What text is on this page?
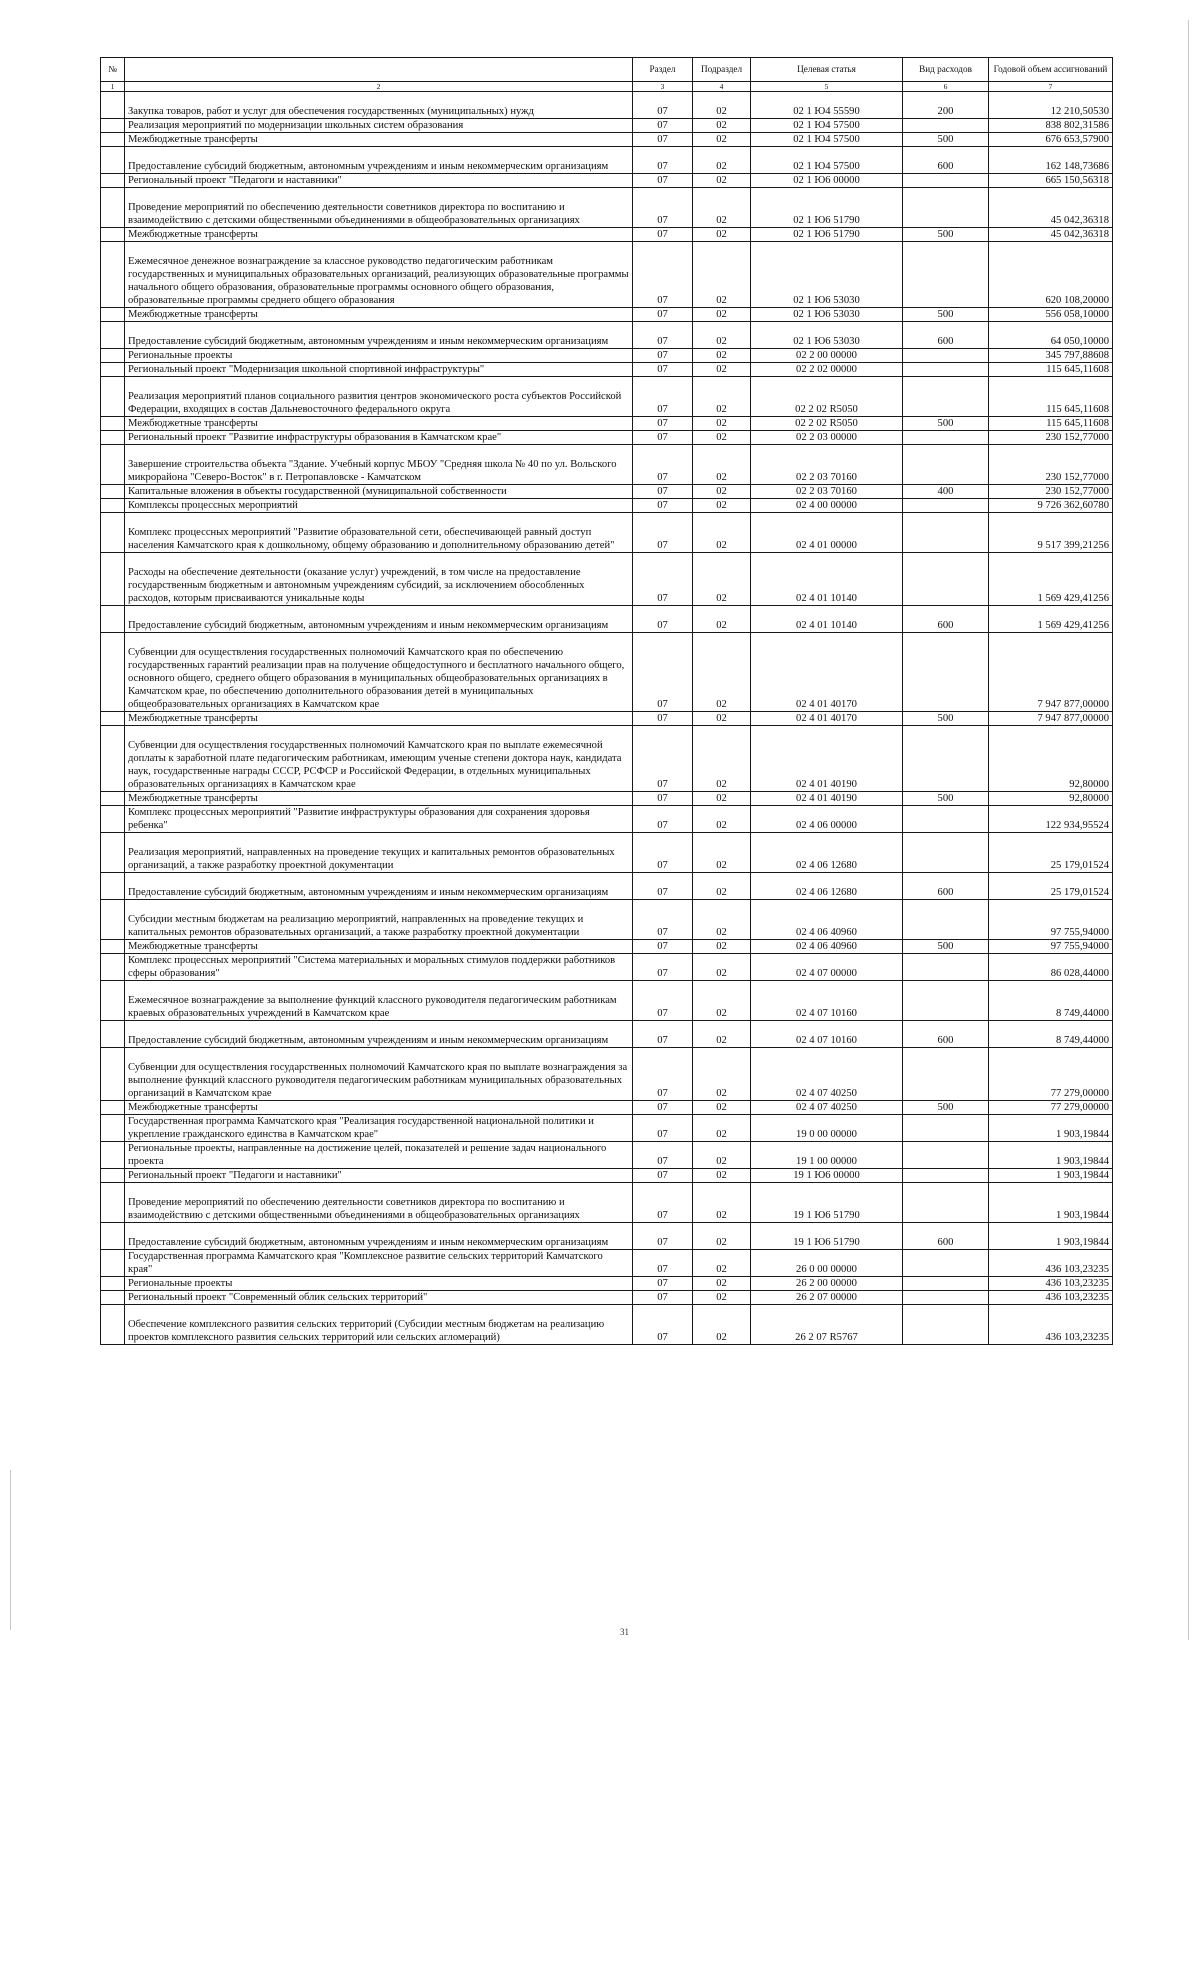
№		Раздел	Подраздел	Целевая статья	Вид расходов	Годовой объем ассигнований
1	2	3	4	5	6	7
	Закупка товаров, работ и услуг для обеспечения государственных (муниципальных) нужд	07	02	02 1 Ю4 55590	200	12 210,50530
	Реализация мероприятий по модернизации школьных систем образования	07	02	02 1 Ю4 57500		838 802,31586
	Межбюджетные трансферты	07	02	02 1 Ю4 57500	500	676 653,57900
	Предоставление субсидий бюджетным, автономным учреждениям и иным некоммерческим организациям	07	02	02 1 Ю4 57500	600	162 148,73686
	Региональный проект "Педагоги и наставники"	07	02	02 1 Ю6 00000		665 150,56318
	Проведение мероприятий по обеспечению деятельности советников директора по воспитанию и взаимодействию с детскими общественными объединениями в общеобразовательных организациях	07	02	02 1 Ю6 51790		45 042,36318
	Межбюджетные трансферты	07	02	02 1 Ю6 51790	500	45 042,36318
	Ежемесячное денежное вознаграждение за классное руководство педагогическим работникам государственных и муниципальных образовательных организаций, реализующих образовательные программы начального общего образования, образовательные программы основного общего образования, образовательные программы среднего общего образования	07	02	02 1 Ю6 53030		620 108,20000
	Межбюджетные трансферты	07	02	02 1 Ю6 53030	500	556 058,10000
	Предоставление субсидий бюджетным, автономным учреждениям и иным некоммерческим организациям	07	02	02 1 Ю6 53030	600	64 050,10000
	Региональные проекты	07	02	02 2 00 00000		345 797,88608
	Региональный проект "Модернизация школьной спортивной инфраструктуры"	07	02	02 2 02 00000		115 645,11608
	Реализация мероприятий планов социального развития центров экономического роста субъектов Российской Федерации, входящих в состав Дальневосточного федерального округа	07	02	02 2 02 R5050		115 645,11608
	Межбюджетные трансферты	07	02	02 2 02 R5050	500	115 645,11608
	Региональный проект "Развитие инфраструктуры образования в Камчатском крае"	07	02	02 2 03 00000		230 152,77000
	Завершение строительства объекта "Здание. Учебный корпус МБОУ "Средняя школа № 40 по ул. Вольского микрорайона "Северо-Восток" в г. Петропавловске - Камчатском	07	02	02 2 03 70160		230 152,77000
	Капитальные вложения в объекты государственной (муниципальной собственности	07	02	02 2 03 70160	400	230 152,77000
	Комплексы процессных мероприятий	07	02	02 4 00 00000		9 726 362,60780
	Комплекс процессных мероприятий "Развитие образовательной сети, обеспечивающей равный доступ населения Камчатского края к дошкольному, общему образованию и дополнительному образованию детей"	07	02	02 4 01 00000		9 517 399,21256
	Расходы на обеспечение деятельности (оказание услуг) учреждений, в том числе на предоставление государственным бюджетным и автономным учреждениям субсидий, за исключением обособленных расходов, которым присваиваются уникальные коды	07	02	02 4 01 10140		1 569 429,41256
	Предоставление субсидий бюджетным, автономным учреждениям и иным некоммерческим организациям	07	02	02 4 01 10140	600	1 569 429,41256
	Субвенции для осуществления государственных полномочий Камчатского края по обеспечению государственных гарантий реализации прав на получение общедоступного и бесплатного начального общего, основного общего, среднего общего образования в муниципальных общеобразовательных организациях в Камчатском крае, по обеспечению дополнительного образования детей в муниципальных общеобразовательных организациях в Камчатском крае	07	02	02 4 01 40170		7 947 877,00000
	Межбюджетные трансферты	07	02	02 4 01 40170	500	7 947 877,00000
	Субвенции для осуществления государственных полномочий Камчатского края по выплате ежемесячной доплаты к заработной плате педагогическим работникам, имеющим ученые степени доктора наук, кандидата наук, государственные награды СССР, РСФСР и Российской Федерации, в отдельных муниципальных образовательных организациях в Камчатском крае	07	02	02 4 01 40190		92,80000
	Межбюджетные трансферты	07	02	02 4 01 40190	500	92,80000
	Комплекс процессных мероприятий "Развитие инфраструктуры образования для сохранения здоровья ребенка"	07	02	02 4 06 00000		122 934,95524
	Реализация мероприятий, направленных на проведение текущих и капитальных ремонтов образовательных организаций, а также разработку проектной документации	07	02	02 4 06 12680		25 179,01524
	Предоставление субсидий бюджетным, автономным учреждениям и иным некоммерческим организациям	07	02	02 4 06 12680	600	25 179,01524
	Субсидии местным бюджетам на реализацию мероприятий, направленных на проведение текущих и капитальных ремонтов образовательных организаций, а также разработку проектной документации	07	02	02 4 06 40960		97 755,94000
	Межбюджетные трансферты	07	02	02 4 06 40960	500	97 755,94000
	Комплекс процессных мероприятий "Система материальных и моральных стимулов поддержки работников сферы образования"	07	02	02 4 07 00000		86 028,44000
	Ежемесячное вознаграждение за выполнение функций классного руководителя педагогическим работникам краевых образовательных учреждений в Камчатском крае	07	02	02 4 07 10160		8 749,44000
	Предоставление субсидий бюджетным, автономным учреждениям и иным некоммерческим организациям	07	02	02 4 07 10160	600	8 749,44000
	Субвенции для осуществления государственных полномочий Камчатского края по выплате вознаграждения за выполнение функций классного руководителя педагогическим работникам муниципальных образовательных организаций в Камчатском крае	07	02	02 4 07 40250		77 279,00000
	Межбюджетные трансферты	07	02	02 4 07 40250	500	77 279,00000
	Государственная программа Камчатского края "Реализация государственной национальной политики и укрепление гражданского единства в Камчатском крае"	07	02	19 0 00 00000		1 903,19844
	Региональные проекты, направленные на достижение целей, показателей и решение задач национального проекта	07	02	19 1 00 00000		1 903,19844
	Региональный проект "Педагоги и наставники"	07	02	19 1 Ю6 00000		1 903,19844
	Проведение мероприятий по обеспечению деятельности советников директора по воспитанию и взаимодействию с детскими общественными объединениями в общеобразовательных организациях	07	02	19 1 Ю6 51790		1 903,19844
	Предоставление субсидий бюджетным, автономным учреждениям и иным некоммерческим организациям	07	02	19 1 Ю6 51790	600	1 903,19844
	Государственная программа Камчатского края "Комплексное развитие сельских территорий Камчатского края"	07	02	26 0 00 00000		436 103,23235
	Региональные проекты	07	02	26 2 00 00000		436 103,23235
	Региональный проект "Современный облик сельских территорий"	07	02	26 2 07 00000		436 103,23235
	Обеспечение комплексного развития сельских территорий (Субсидии местным бюджетам на реализацию проектов комплексного развития сельских территорий или сельских агломераций)	07	02	26 2 07 R5767		436 103,23235
31
